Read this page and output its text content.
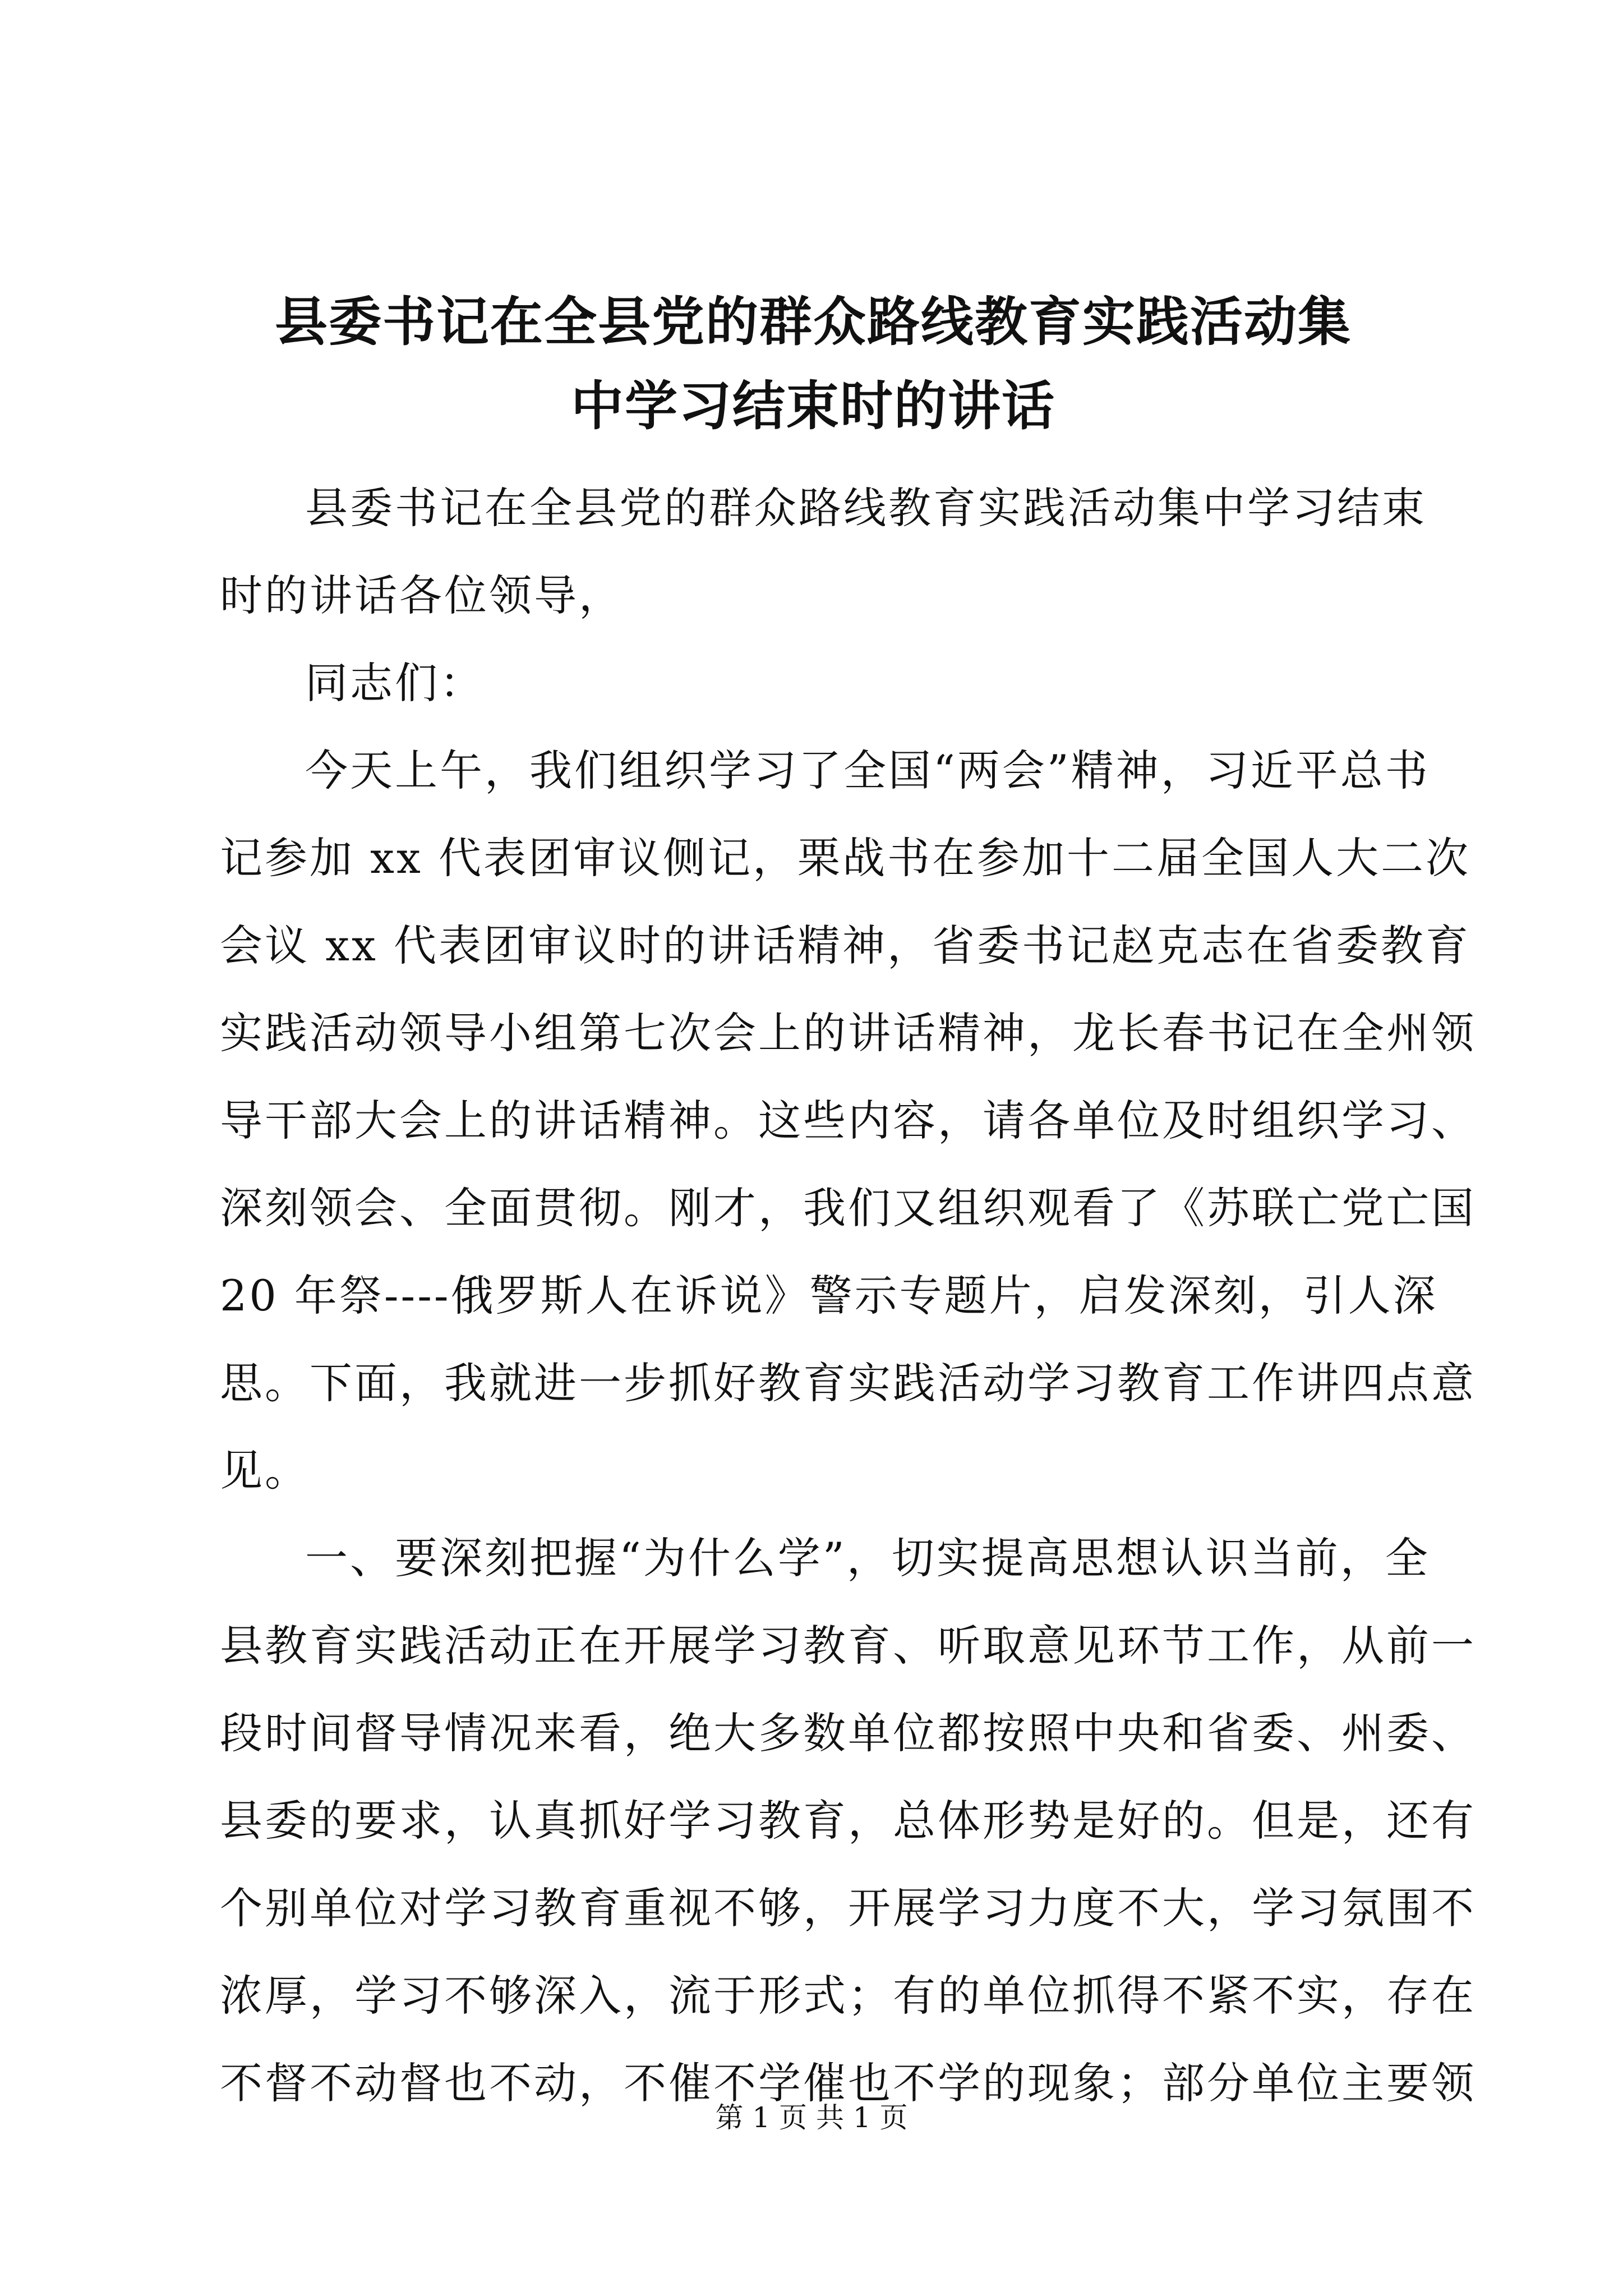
县委书记在全县党的群众路线教育实践活动集
中学习结束时的讲话
县委书记在全县党的群众路线教育实践活动集中学习结束
时的讲话各位领导，
同志们：
今天上午，我们组织学习了全国“两会”精神，习近平总书
记参加 xx 代表团审议侧记，栗战书在参加十二届全国人大二次
会议 xx 代表团审议时的讲话精神，省委书记赵克志在省委教育
实践活动领导小组第七次会上的讲话精神，龙长春书记在全州领
导干部大会上的讲话精神。这些内容，请各单位及时组织学习、
深刻领会、全面贯彻。刚才，我们又组织观看了《苏联亡党亡国
20 年祭----俄罗斯人在诉说》警示专题片，启发深刻，引人深
思。下面，我就进一步抓好教育实践活动学习教育工作讲四点意
见。
一、要深刻把握“为什么学”，切实提高思想认识当前，全
县教育实践活动正在开展学习教育、听取意见环节工作，从前一
段时间督导情况来看，绝大多数单位都按照中央和省委、州委、
县委的要求，认真抓好学习教育，总体形势是好的。但是，还有
个别单位对学习教育重视不够，开展学习力度不大，学习氛围不
浓厚，学习不够深入，流于形式；有的单位抓得不紧不实，存在
不督不动督也不动，不催不学催也不学的现象；部分单位主要领
第 1 页 共 1 页
